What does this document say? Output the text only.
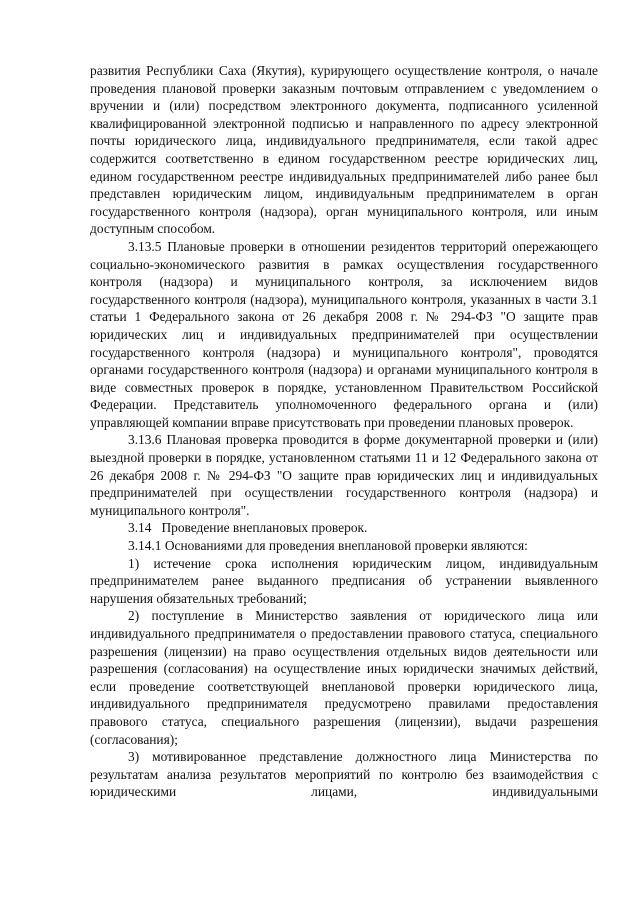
развития Республики Саха (Якутия), курирующего осуществление контроля, о начале проведения плановой проверки заказным почтовым отправлением с уведомлением о вручении и (или) посредством электронного документа, подписанного усиленной квалифицированной электронной подписью и направленного по адресу электронной почты юридического лица, индивидуального предпринимателя, если такой адрес содержится соответственно в едином государственном реестре юридических лиц, едином государственном реестре индивидуальных предпринимателей либо ранее был представлен юридическим лицом, индивидуальным предпринимателем в орган государственного контроля (надзора), орган муниципального контроля, или иным доступным способом.

3.13.5 Плановые проверки в отношении резидентов территорий опережающего социально-экономического развития в рамках осуществления государственного контроля (надзора) и муниципального контроля, за исключением видов государственного контроля (надзора), муниципального контроля, указанных в части 3.1 статьи 1 Федерального закона от 26 декабря 2008 г. № 294-ФЗ "О защите прав юридических лиц и индивидуальных предпринимателей при осуществлении государственного контроля (надзора) и муниципального контроля", проводятся органами государственного контроля (надзора) и органами муниципального контроля в виде совместных проверок в порядке, установленном Правительством Российской Федерации. Представитель уполномоченного федерального органа и (или) управляющей компании вправе присутствовать при проведении плановых проверок.

3.13.6 Плановая проверка проводится в форме документарной проверки и (или) выездной проверки в порядке, установленном статьями 11 и 12 Федерального закона от 26 декабря 2008 г. № 294-ФЗ "О защите прав юридических лиц и индивидуальных предпринимателей при осуществлении государственного контроля (надзора) и муниципального контроля".

3.14   Проведение внеплановых проверок.

3.14.1 Основаниями для проведения внеплановой проверки являются:

1) истечение срока исполнения юридическим лицом, индивидуальным предпринимателем ранее выданного предписания об устранении выявленного нарушения обязательных требований;

2) поступление в Министерство заявления от юридического лица или индивидуального предпринимателя о предоставлении правового статуса, специального разрешения (лицензии) на право осуществления отдельных видов деятельности или разрешения (согласования) на осуществление иных юридически значимых действий, если проведение соответствующей внеплановой проверки юридического лица, индивидуального предпринимателя предусмотрено правилами предоставления правового статуса, специального разрешения (лицензии), выдачи разрешения (согласования);

3) мотивированное представление должностного лица Министерства по результатам анализа результатов мероприятий по контролю без взаимодействия с юридическими лицами, индивидуальными
